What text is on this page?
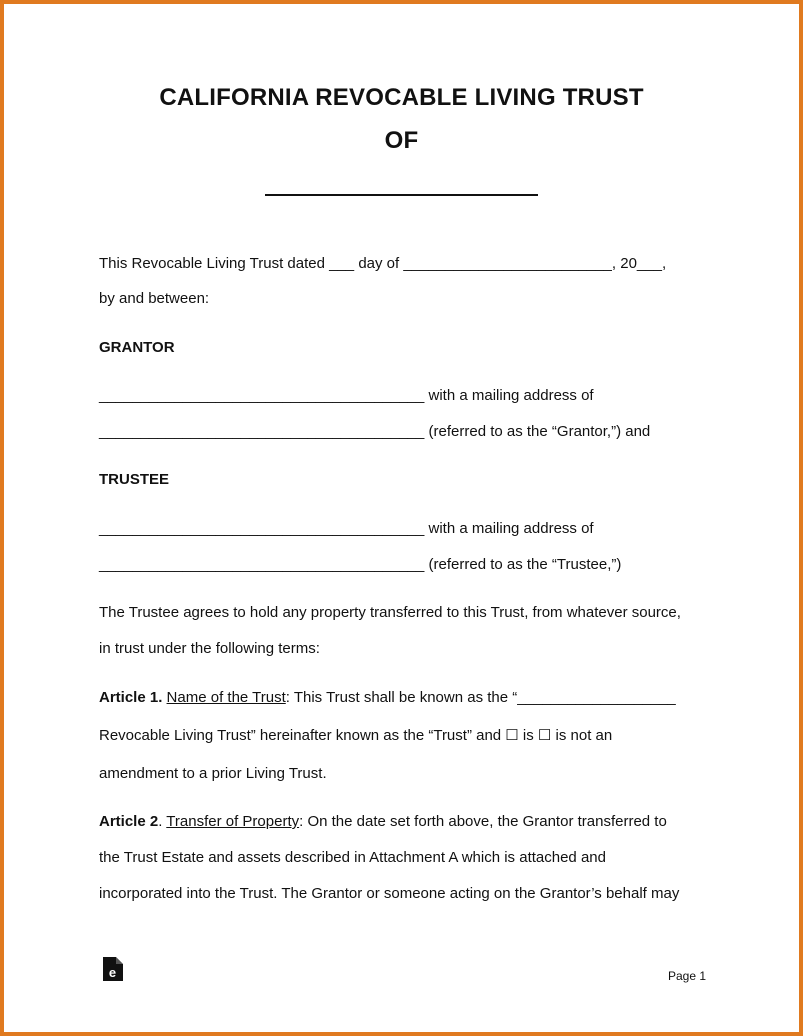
CALIFORNIA REVOCABLE LIVING TRUST
OF
This Revocable Living Trust dated ___ day of _________________________, 20___,
by and between:
GRANTOR
_______________________________________ with a mailing address of
_______________________________________ (referred to as the “Grantor,”) and
TRUSTEE
_______________________________________ with a mailing address of
_______________________________________ (referred to as the “Trustee,”)
The Trustee agrees to hold any property transferred to this Trust, from whatever source,
in trust under the following terms:
Article 1. Name of the Trust: This Trust shall be known as the “___________________
Revocable Living Trust” hereinafter known as the “Trust” and ☐ is ☐ is not an
amendment to a prior Living Trust.
Article 2. Transfer of Property: On the date set forth above, the Grantor transferred to
the Trust Estate and assets described in Attachment A which is attached and
incorporated into the Trust. The Grantor or someone acting on the Grantor’s behalf may
e	Page 1
